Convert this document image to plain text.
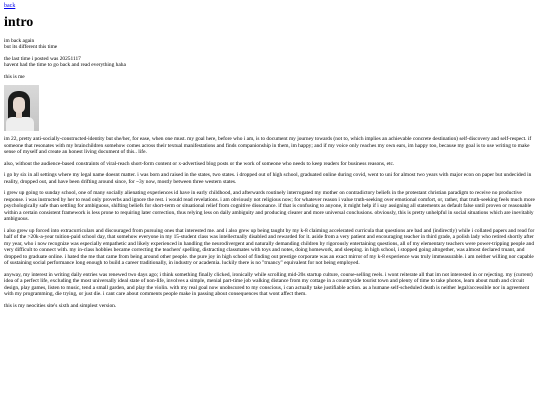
back
intro

im back again
but its different this time

the last time i posted was 20251117
havent had the time to go back and read everything haha

this is me

im 22, pretty anti-socially-constructed-identity but she/her, for ease, when one must. my goal here, before who i am, is to document my journey towards (not to, which implies an achievable concrete destination) self-discovery and self-respect. if someone that resonates with my brainchildren somehow comes across their textual manifestations and finds companionship in them, im happy; and if my voice only reaches my own ears, im happy too, because my goal is to use writing to make sense of myself and create an honest living document of this.. life.

also, without the audience-based constraints of viral-reach short-form content or x-advertised blog posts or the work of someone who needs to keep readers for business reasons, etc.

i go by six in all settings where my legal name doesnt matter. i was born and raised in the states, two states. i dropped out of high school, graduated online during covid, went to uni for almost two years with major econ on paper but undecided in reality, dropped out, and have been drifting around since, for ~3y now, mostly between three western states.

i grew up going to sunday school, one of many socially alienating experiences id have in early childhood, and afterwards routinely interrogated my mother on contradictory beliefs in the protestant christian paradigm to receive no productive response. i was instructed by her to read only proverbs and ignore the rest. i would read revelations. i am obviously not religious now; for whatever reason i value truth-seeking over emotional comfort, or, rather, that truth-seeking feels much more psychologically safe than settling for ambiguous, shifting beliefs for short-term or situational relief from cognitive dissonance. if that is confusing to anyone, it might help if i say assigning all statements as default false until proven or reasonable within a certain consistent framework is less prone to requiring later correction, thus relying less on daily ambiguity and producing clearer and more universal conclusions. obviously, this is pretty unhelpful in social situations which are inevitably ambiguous.

i also grew up forced into extracurriculars and discouraged from pursuing ones that interested me. and i also grew up being taught by my k-8 claiming accelerated curricula that questions are bad and (indirectly) while i collated papers and read for half of the >20k-a-year tuition-paid school day, that somehow everyone in my 15-student class was intellectually disabled and rewarded for it. aside from a very patient and encouraging teacher in third grade, a polish lady who retired shortly after my year, who i now recognize was especially empathetic and likely experienced in handling the neurodivergent and naturally demanding children by rigorously entertaining questions, all of my elementary teachers were power-tripping people and very difficult to connect with. my in-class hobbies became correcting the teachers' spelling, distracting classmates with toys and notes, doing homework, and sleeping. in high school, i stopped going altogether, was almost declared truant, and dropped to graduate online. i hated the me that came from being around other people. the pure joy in high school of finding out prestige corporate was an exact mirror of my k-8 experience was truly immeasurable. i am neither willing nor capable of sustaining social performance long enough to build a career traditionally, in industry or academia. luckily there is no "truancy" equivalent for not being employed.

anyway, my interest in writing daily entries was renewed two days ago; i think something finally clicked, ironically while scrolling mid-20s startup culture, course-selling reels. i wont reiterate all that im not interested in or rejecting. my (current) idea of a perfect life, excluding the most universally ideal state of non-life, involves a simple, menial part-time job walking distance from my cottage in a countryside tourist town and plenty of time to take photos, learn about math and circuit design, play games, listen to music, tend a small garden, and play the violin. with my real goal now unobscured to my conscious, i can actually take justifiable action. as a humane self-scheduled death is neither legal/accessible nor in agreement with my programming, die trying, or just die. i cant care about comments people make in passing about consequences that wont affect them.

this is my neocities site's sixth and simplest version.
